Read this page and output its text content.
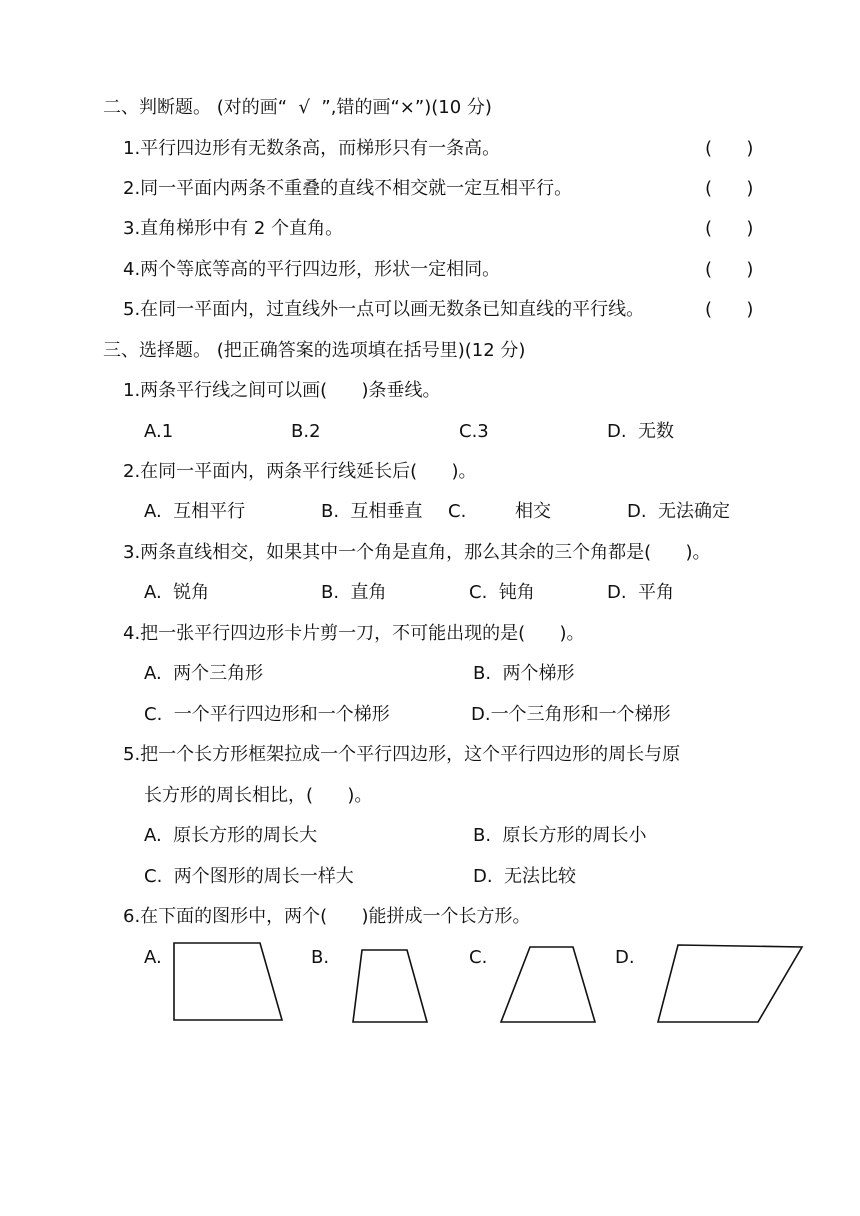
二、判断题。 (对的画“  √  ”,错的画“×”)(10 分)
1.平行四边形有无数条高，而梯形只有一条高。	(      )
2.同一平面内两条不重叠的直线不相交就一定互相平行。	(      )
3.直角梯形中有 2 个直角。	(      )
4.两个等底等高的平行四边形，形状一定相同。	(      )
5.在同一平面内，过直线外一点可以画无数条已知直线的平行线。	(      )
三、选择题。 (把正确答案的选项填在括号里)(12 分)
1.两条平行线之间可以画(      )条垂线。
A.1	B.2	C.3	D.  无数
2.在同一平面内，两条平行线延长后(      )。
A.  互相平行	B.  互相垂直 C.	相交	D.  无法确定
3.两条直线相交，如果其中一个角是直角，那么其余的三个角都是(      )。
A.  锐角	B.  直角	C.  钝角	D.  平角
4.把一张平行四边形卡片剪一刀，不可能出现的是(      )。
A.  两个三角形	B.  两个梯形
C.  一个平行四边形和一个梯形	D.一个三角形和一个梯形
5.把一个长方形框架拉成一个平行四边形，这个平行四边形的周长与原
长方形的周长相比，(      )。
A.  原长方形的周长大	B.  原长方形的周长小
C.  两个图形的周长一样大	D.  无法比较
6.在下面的图形中，两个(      )能拼成一个长方形。
A.	B.	C.	D.
